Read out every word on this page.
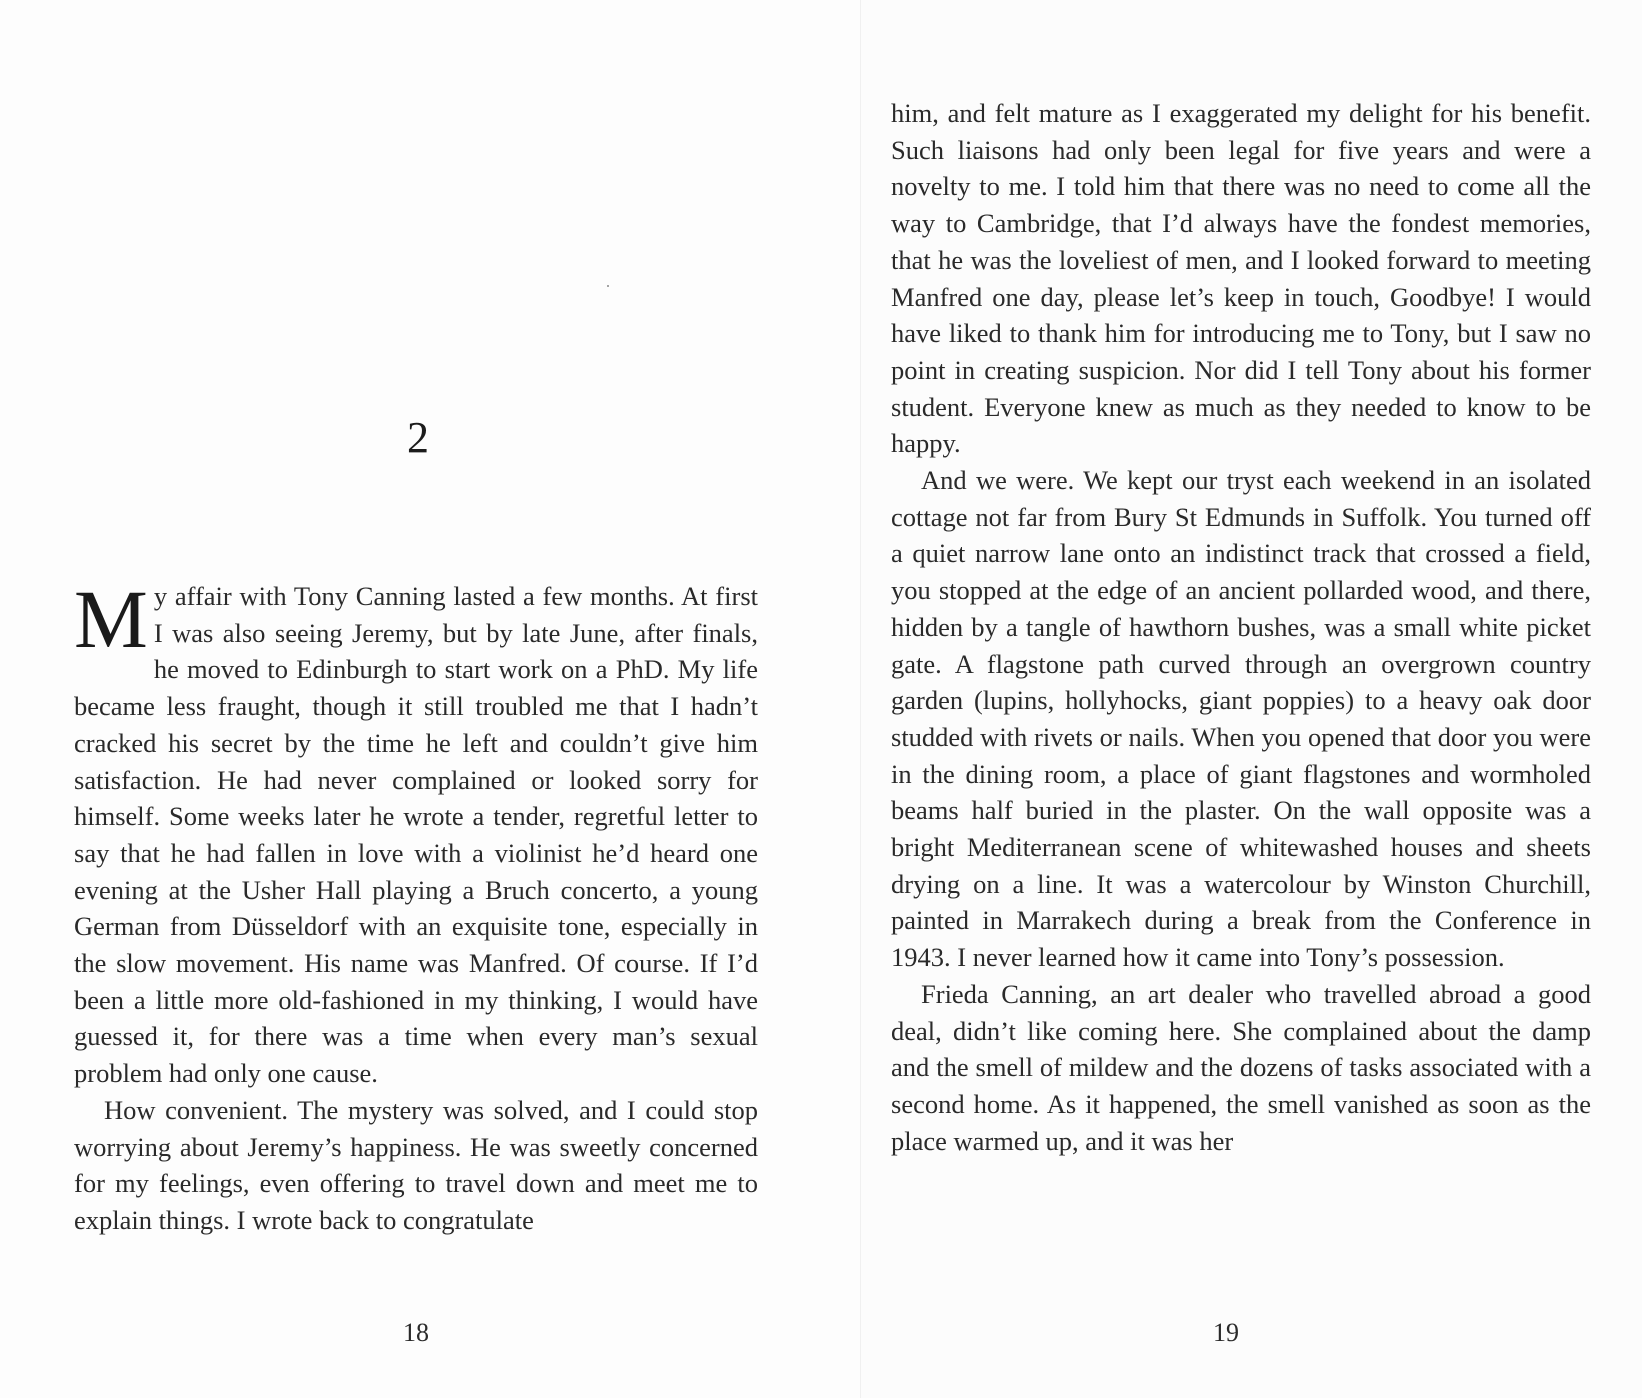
2

My affair with Tony Canning lasted a few months. At first I was also seeing Jeremy, but by late June, after finals, he moved to Edinburgh to start work on a PhD. My life became less fraught, though it still troubled me that I hadn’t cracked his secret by the time he left and couldn’t give him satisfaction. He had never complained or looked sorry for himself. Some weeks later he wrote a tender, regretful letter to say that he had fallen in love with a violinist he’d heard one evening at the Usher Hall playing a Bruch concerto, a young German from Düsseldorf with an exquisite tone, especially in the slow movement. His name was Manfred. Of course. If I’d been a little more old-fashioned in my thinking, I would have guessed it, for there was a time when every man’s sexual problem had only one cause.

How convenient. The mystery was solved, and I could stop worrying about Jeremy’s happiness. He was sweetly concerned for my feelings, even offering to travel down and meet me to explain things. I wrote back to congratulate

18

him, and felt mature as I exaggerated my delight for his benefit. Such liaisons had only been legal for five years and were a novelty to me. I told him that there was no need to come all the way to Cambridge, that I’d always have the fondest memories, that he was the loveliest of men, and I looked forward to meeting Manfred one day, please let’s keep in touch, Goodbye! I would have liked to thank him for introducing me to Tony, but I saw no point in creating suspicion. Nor did I tell Tony about his former student. Everyone knew as much as they needed to know to be happy.

And we were. We kept our tryst each weekend in an isolated cottage not far from Bury St Edmunds in Suffolk. You turned off a quiet narrow lane onto an indistinct track that crossed a field, you stopped at the edge of an ancient pollarded wood, and there, hidden by a tangle of hawthorn bushes, was a small white picket gate. A flagstone path curved through an overgrown country garden (lupins, hollyhocks, giant poppies) to a heavy oak door studded with rivets or nails. When you opened that door you were in the dining room, a place of giant flagstones and wormholed beams half buried in the plaster. On the wall opposite was a bright Mediterranean scene of whitewashed houses and sheets drying on a line. It was a watercolour by Winston Churchill, painted in Marrakech during a break from the Conference in 1943. I never learned how it came into Tony’s possession.

Frieda Canning, an art dealer who travelled abroad a good deal, didn’t like coming here. She complained about the damp and the smell of mildew and the dozens of tasks associated with a second home. As it happened, the smell vanished as soon as the place warmed up, and it was her

19
